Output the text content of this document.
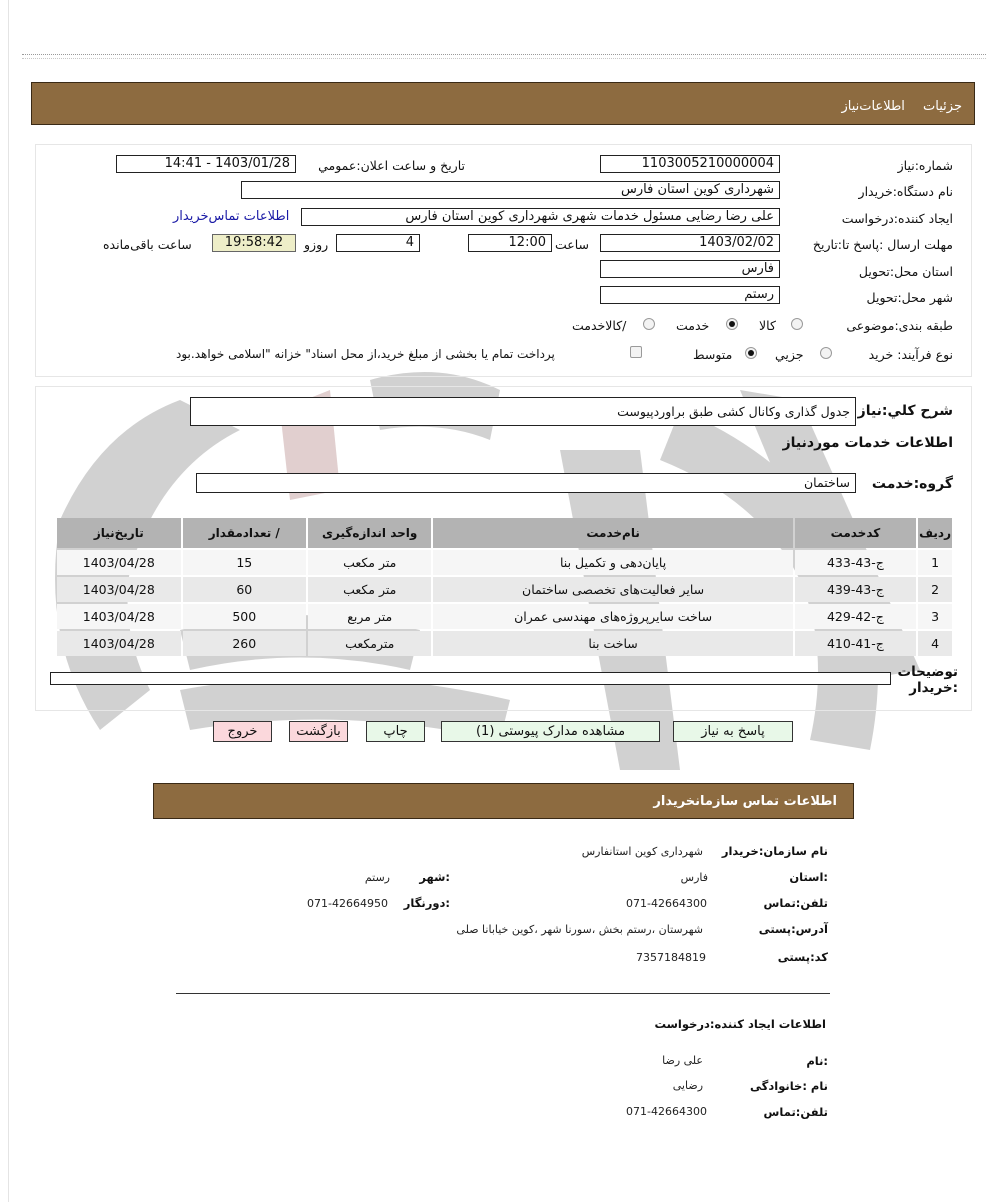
جزئيات اطلاعات‌نیاز
شماره:نیاز
1103005210000004
تاریخ و ساعت اعلان:عمومي
1403/01/28 - 14:41
نام دستگاه:خریدار
شهرداری کوین استان فارس
ایجاد کننده:درخواست
علی رضا رضایی مسئول خدمات شهری شهرداری کوین استان فارس
اطلاعات تماس‌خریدار
مهلت ارسال :پاسخ تا:تاریخ
1403/02/02
ساعت
12:00
4
روزو
19:58:42
ساعت باقی‌مانده
استان محل:تحویل
فارس
شهر محل:تحویل
رستم
طبقه بندی:موضوعی
کالا
خدمت
/کالاخدمت
نوع فرآیند: خرید
جزیي
متوسط
پرداخت تمام یا بخشی از مبلغ خرید،از محل اسناد" خزانه "اسلامی خواهد.بود
شرح کلي:نیاز
جدول گذاری وکانال کشی طبق براوردپیوست
اطلاعات خدمات موردنیاز
گروه:خدمت
ساختمان
ردیف	کدخدمت	نام‌خدمت	واحد اندازه‌گیری	/ تعدادمقدار	تاریخ‌نیاز
1	ج-43-433	پایان‌دهی و تکمیل بنا	متر مکعب	15	1403/04/28
2	ج-43-439	سایر فعالیت‌های تخصصی ساختمان	متر مکعب	60	1403/04/28
3	ج-42-429	ساخت سایرپروژه‌های مهندسی عمران	متر مربع	500	1403/04/28
4	ج-41-410	ساخت بنا	مترمکعب	260	1403/04/28
توضیحات
:خریدار
پاسخ به نیاز
مشاهده مدارک پیوستی (1)
چاپ
بازگشت
خروج
اطلاعات تماس سازمانخریدار
نام سازمان:خریدار
شهرداری کوین استانفارس
:استان
فارس
:شهر
رستم
تلفن:تماس
071-42664300
:دورنگار
071-42664950
آدرس:پستی
شهرستان ،رستم بخش ،سورنا شهر ،کوین خیابانا صلی
کد:پستی
7357184819
اطلاعات ایجاد کننده:درخواست
:نام
علی رضا
نام :خانوادگی
رضایی
تلفن:تماس
071-42664300
